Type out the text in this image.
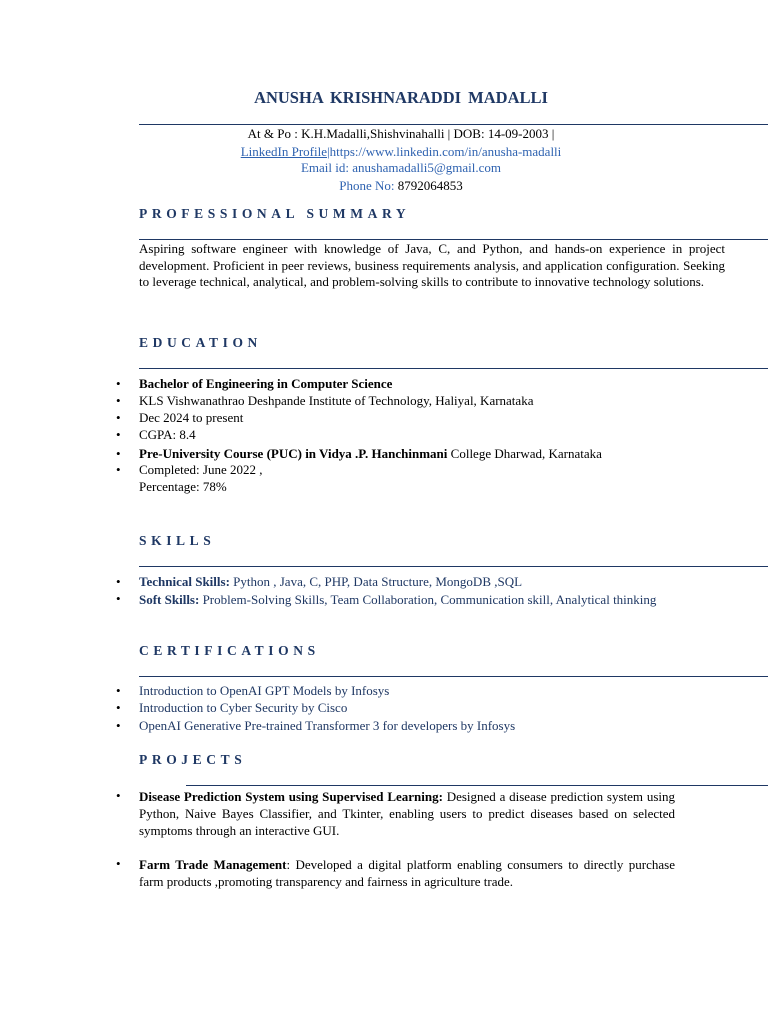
ANUSHA KRISHNARADDI MADALLI
At & Po : K.H.Madalli,Shishvinahalli | DOB: 14-09-2003 |
LinkedIn Profile|https://www.linkedin.com/in/anusha-madalli
Email id: anushamadalli5@gmail.com
Phone No: 8792064853
PROFESSIONAL SUMMARY
Aspiring software engineer with knowledge of Java, C, and Python, and hands-on experience in project development. Proficient in peer reviews, business requirements analysis, and application configuration. Seeking to leverage technical, analytical, and problem-solving skills to contribute to innovative technology solutions.
EDUCATION
• Bachelor of Engineering in Computer Science
• KLS Vishwanathrao Deshpande Institute of Technology, Haliyal, Karnataka
• Dec 2024 to present
• CGPA: 8.4
• Pre-University Course (PUC) in Vidya .P. Hanchinmani College Dharwad, Karnataka
• Completed: June 2022 ,
Percentage: 78%
SKILLS
• Technical Skills: Python , Java, C, PHP, Data Structure, MongoDB ,SQL
• Soft Skills: Problem-Solving Skills, Team Collaboration, Communication skill, Analytical thinking
CERTIFICATIONS
• Introduction to OpenAI GPT Models by Infosys
• Introduction to Cyber Security by Cisco
• OpenAI Generative Pre-trained Transformer 3 for developers by Infosys
PROJECTS
• Disease Prediction System using Supervised Learning: Designed a disease prediction system using Python, Naive Bayes Classifier, and Tkinter, enabling users to predict diseases based on selected symptoms through an interactive GUI.
• Farm Trade Management: Developed a digital platform enabling consumers to directly purchase farm products ,promoting transparency and fairness in agriculture trade.
